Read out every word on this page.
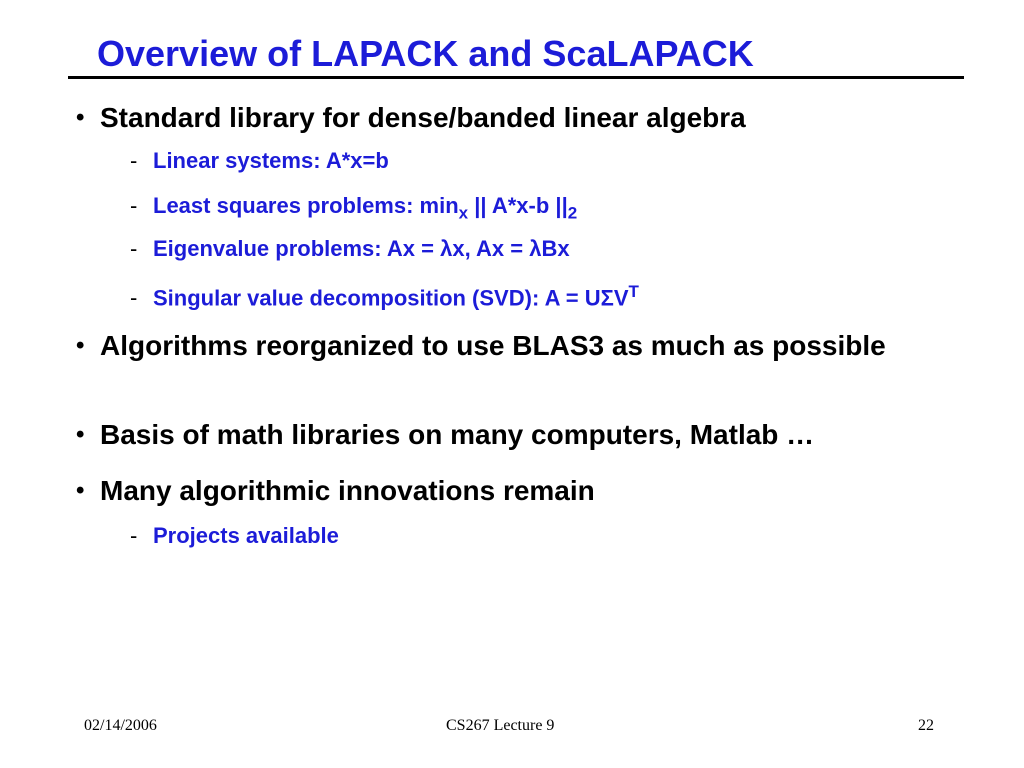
Overview of LAPACK and ScaLAPACK
• Standard library for dense/banded linear algebra
- Linear systems: A*x=b
- Least squares problems: $\min_x$ || A*x-b $||_2$
- Eigenvalue problems: Ax = λx, Ax = λBx
- Singular value decomposition (SVD): $A = U\Sigma V^T$
• Algorithms reorganized to use BLAS3 as much as possible
• Basis of math libraries on many computers, Matlab …
• Many algorithmic innovations remain
- Projects available
02/14/2006	CS267 Lecture 9	22
